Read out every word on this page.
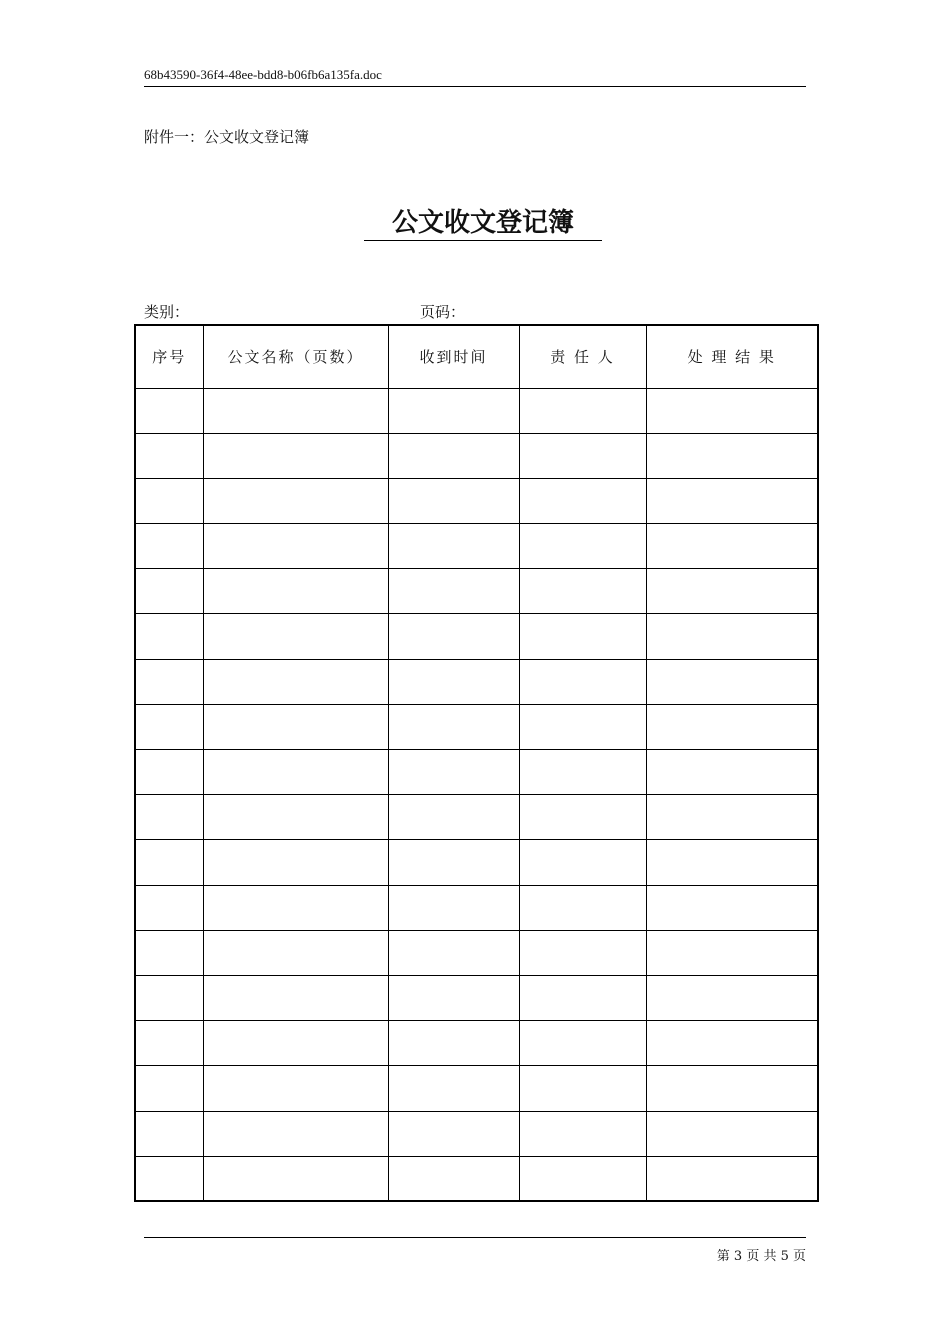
68b43590-36f4-48ee-bdd8-b06fb6a135fa.doc
附件一：公文收文登记簿
公文收文登记簿
类别：	页码：
序号	公文名称（页数）	收到时间	责 任 人	处 理 结 果

第 3 页 共 5 页
